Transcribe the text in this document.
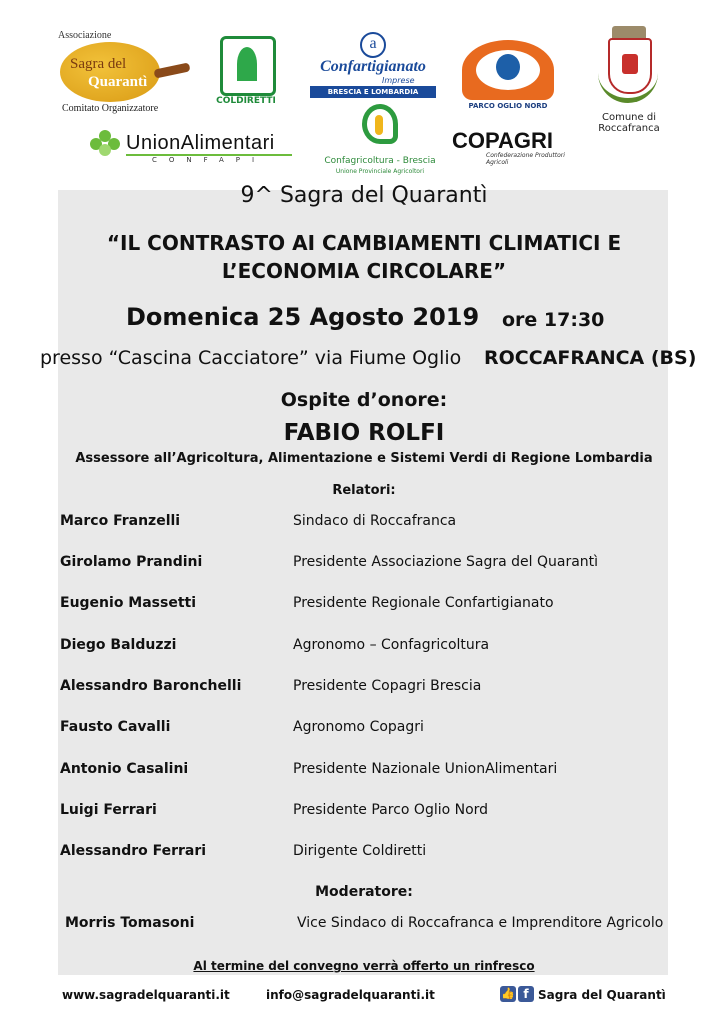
Associazione
Sagra del
Quarantì
Comitato Organizzatore
COLDIRETTI
a
Confartigianato
Imprese
BRESCIA E LOMBARDIA ORIENTALE	PARCO OGLIO NORD
Comune di Roccafranca
UnionAlimentari
CONFAPI	Confagricoltura - Brescia
Unione Provinciale Agricoltori
COPAGRI
Confederazione Produttori Agricoli
9^ Sagra del Quarantì
“IL CONTRASTO AI CAMBIAMENTI CLIMATICI E
L’ECONOMIA CIRCOLARE”
Domenica 25 Agosto 2019 ore 17:30
presso “Cascina Cacciatore” via Fiume Oglio ROCCAFRANCA (BS)
Ospite d’onore:
FABIO ROLFI
Assessore all’Agricoltura, Alimentazione e Sistemi Verdi di Regione Lombardia
Relatori:
Marco Franzelli	Sindaco di Roccafranca
Girolamo Prandini	Presidente Associazione Sagra del Quarantì
Eugenio Massetti	Presidente Regionale Confartigianato
Diego Balduzzi	Agronomo – Confagricoltura
Alessandro Baronchelli	Presidente Copagri Brescia
Fausto Cavalli	Agronomo Copagri
Antonio Casalini	Presidente Nazionale UnionAlimentari
Luigi Ferrari	Presidente Parco Oglio Nord
Alessandro Ferrari	Dirigente Coldiretti
Moderatore:
Morris Tomasoni	Vice Sindaco di Roccafranca e Imprenditore Agricolo
Al termine del convegno verrà offerto un rinfresco
www.sagradelquaranti.it	info@sagradelquaranti.it	👍 f Sagra del Quarantì
